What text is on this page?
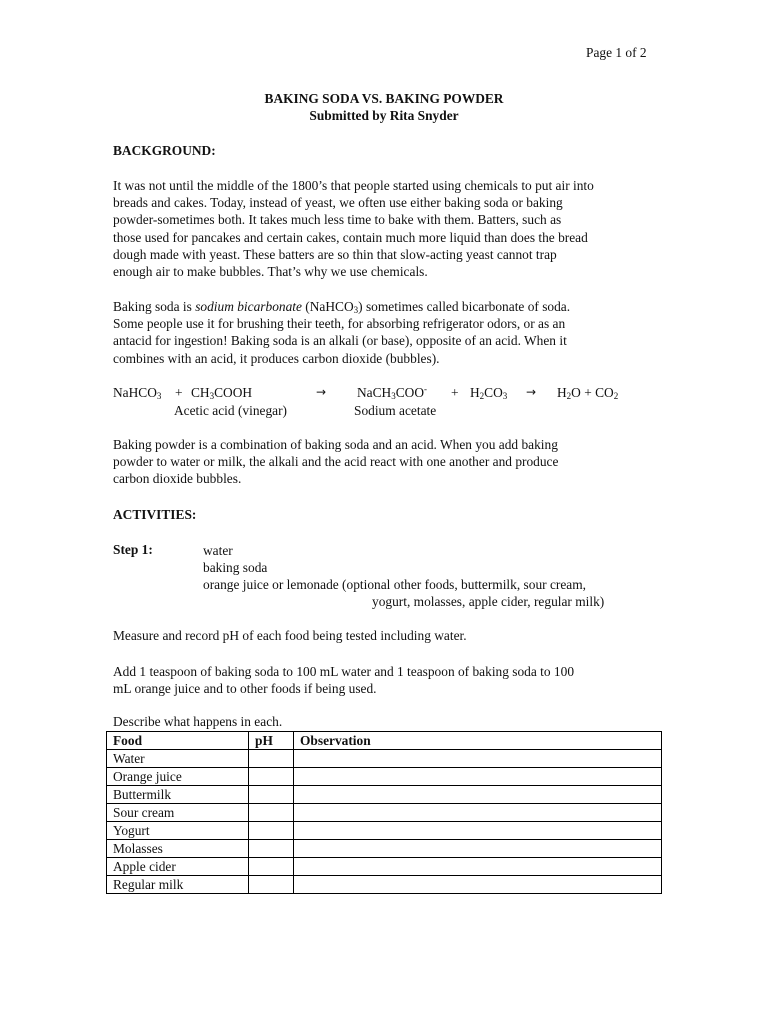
Page 1 of 2
BAKING SODA VS. BAKING POWDER
Submitted by Rita Snyder
BACKGROUND:

It was not until the middle of the 1800’s that people started using chemicals to put air into

breads and cakes. Today, instead of yeast, we often use either baking soda or baking

powder-sometimes both. It takes much less time to bake with them. Batters, such as

those used for pancakes and certain cakes, contain much more liquid than does the bread

dough made with yeast. These batters are so thin that slow-acting yeast cannot trap

enough air to make bubbles. That’s why we use chemicals.

Baking soda is sodium bicarbonate (NaHCO$_3$) sometimes called bicarbonate of soda.

Some people use it for brushing their teeth, for absorbing refrigerator odors, or as an

antacid for ingestion! Baking soda is an alkali (or base), opposite of an acid. When it

combines with an acid, it produces carbon dioxide (bubbles).

NaHCO$_3$ + $CH_3COOH$	→ NaCH$_3$COO- + $H_2CO_3 \to H_2O + CO_2$
Acetic acid (vinegar)	Sodium acetate

Baking powder is a combination of baking soda and an acid. When you add baking

powder to water or milk, the alkali and the acid react with one another and produce

carbon dioxide bubbles.

ACTIVITIES:
Step 1:	water

baking soda

orange juice or lemonade (optional other foods, buttermilk, sour cream,

yogurt, molasses, apple cider, regular milk)
Measure and record pH of each food being tested including water.

Add 1 teaspoon of baking soda to 100 mL water and 1 teaspoon of baking soda to 100

mL orange juice and to other foods if being used.

Describe what happens in each.
Food	pH	Observation
Water		
Orange juice		
Buttermilk		
Sour cream		
Yogurt		
Molasses		
Apple cider		
Regular milk		
